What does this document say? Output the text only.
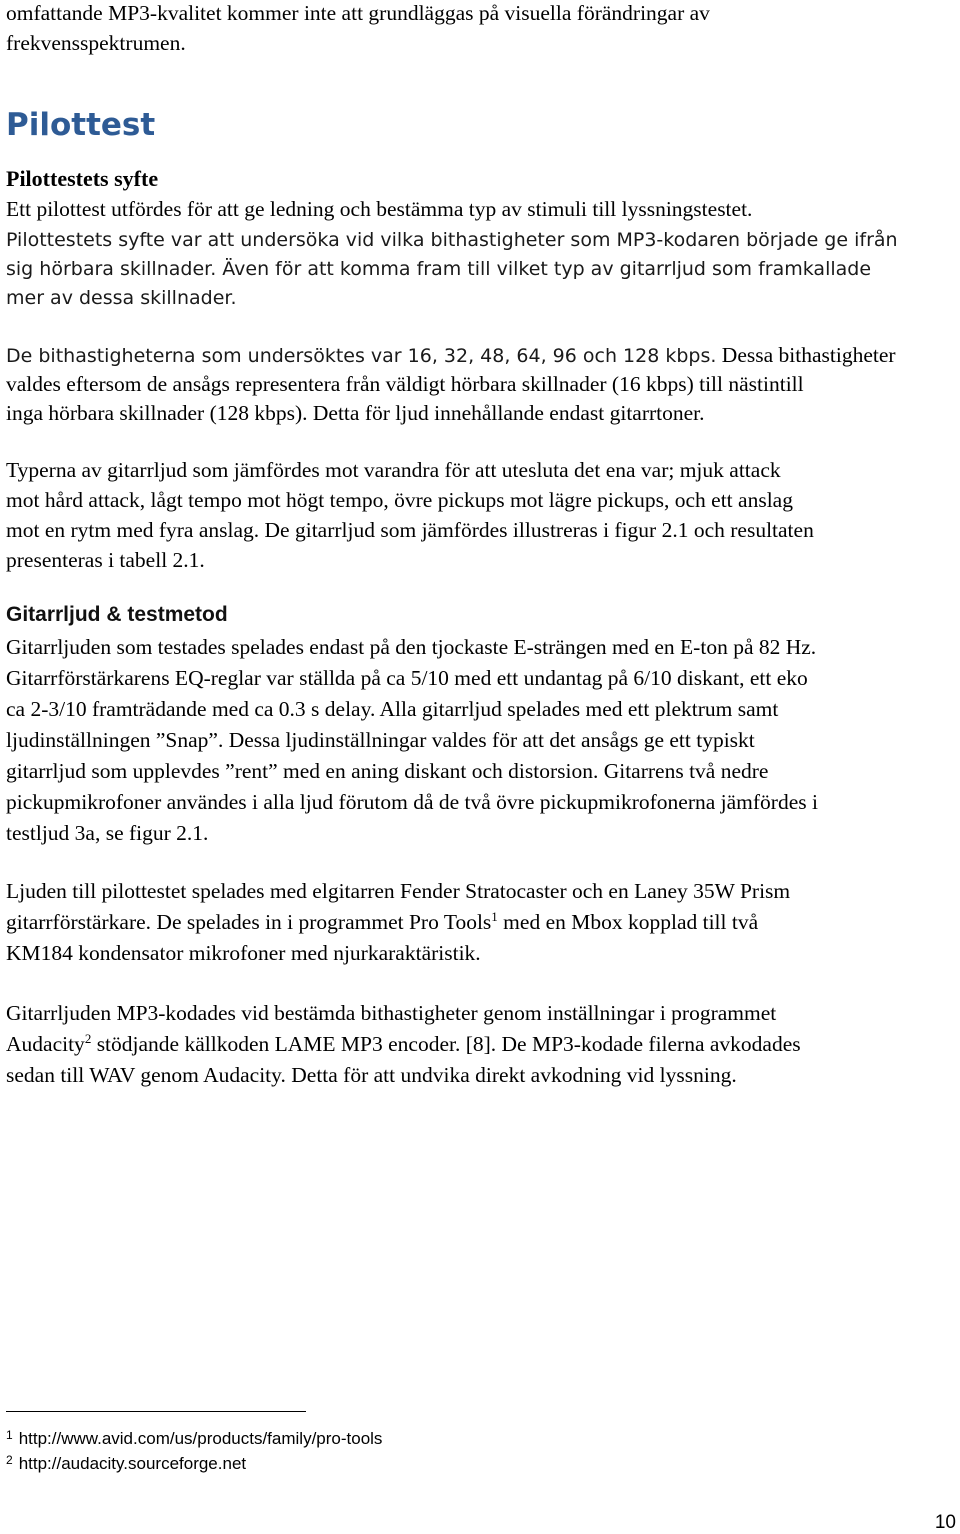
omfattande MP3-kvalitet kommer inte att grundläggas på visuella förändringar av

frekvensspektrumen.

Pilottest
Pilottestets syfte

Ett pilottest utfördes för att ge ledning och bestämma typ av stimuli till lyssningstestet.

Pilottestets syfte var att undersöka vid vilka bithastigheter som MP3-kodaren började ge ifrån

sig hörbara skillnader. Även för att komma fram till vilket typ av gitarrljud som framkallade

mer av dessa skillnader.

De bithastigheterna som undersöktes var 16, 32, 48, 64, 96 och 128 kbps. Dessa bithastigheter

valdes eftersom de ansågs representera från väldigt hörbara skillnader (16 kbps) till nästintill

inga hörbara skillnader (128 kbps). Detta för ljud innehållande endast gitarrtoner.

Typerna av gitarrljud som jämfördes mot varandra för att utesluta det ena var; mjuk attack

mot hård attack, lågt tempo mot högt tempo, övre pickups mot lägre pickups, och ett anslag

mot en rytm med fyra anslag. De gitarrljud som jämfördes illustreras i figur 2.1 och resultaten

presenteras i tabell 2.1.

Gitarrljud & testmetod

Gitarrljuden som testades spelades endast på den tjockaste E-strängen med en E-ton på 82 Hz.

Gitarrförstärkarens EQ-reglar var ställda på ca 5/10 med ett undantag på 6/10 diskant, ett eko

ca 2-3/10 framträdande med ca 0.3 s delay. Alla gitarrljud spelades med ett plektrum samt

ljudinställningen ”Snap”. Dessa ljudinställningar valdes för att det ansågs ge ett typiskt

gitarrljud som upplevdes ”rent” med en aning diskant och distorsion. Gitarrens två nedre

pickupmikrofoner användes i alla ljud förutom då de två övre pickupmikrofonerna jämfördes i

testljud 3a, se figur 2.1.

Ljuden till pilottestet spelades med elgitarren Fender Stratocaster och en Laney 35W Prism

gitarrförstärkare. De spelades in i programmet Pro Tools$^1$ med en Mbox kopplad till två

KM184 kondensator mikrofoner med njurkaraktäristik.

Gitarrljuden MP3-kodades vid bestämda bithastigheter genom inställningar i programmet

Audacity$^2$ stödjande källkoden LAME MP3 encoder. [8]. De MP3-kodade filerna avkodades

sedan till WAV genom Audacity. Detta för att undvika direkt avkodning vid lyssning.

$^1$ http://www.avid.com/us/products/family/pro-tools
$^2$ http://audacity.sourceforge.net
10
